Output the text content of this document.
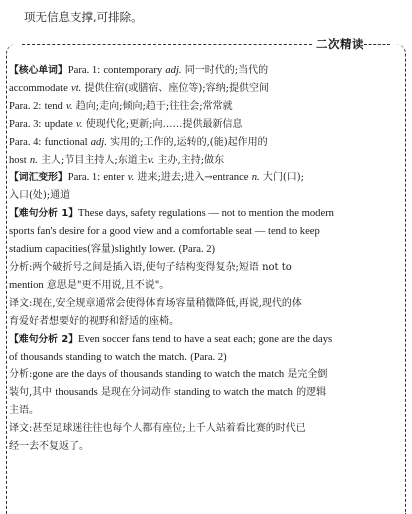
项无信息支撑,可排除。
二次精读
【核心单词】Para. 1: contemporary adj. 同一时代的;当代的
accommodate vt. 提供住宿(或膳宿、座位等);容纳;提供空间
Para. 2: tend v. 趋向;走向;倾向;趋于;往往会;常常就
Para. 3: update v. 使现代化;更新;向……提供最新信息
Para. 4: functional adj. 实用的;工作的,运转的,(能)起作用的
host n. 主人;节目主持人;东道主v. 主办,主持;做东
【词汇变形】Para. 1: enter v. 进来;进去;进入→entrance n. 大门(口);
入口(处);通道
【难句分析 1】These days, safety regulations — not to mention the modern
sports fan's desire for a good view and a comfortable seat — tend to keep
stadium capacities(容量)slightly lower. (Para. 2)
分析:两个破折号之间是插入语,使句子结构变得复杂;短语 not to
mention 意思是"更不用说,且不说"。
译文:现在,安全规章通常会使得体育场容量稍微降低,再说,现代的体
育爱好者想要好的视野和舒适的座椅。
【难句分析 2】Even soccer fans tend to have a seat each; gone are the days
of thousands standing to watch the match. (Para. 2)
分析:gone are the days of thousands standing to watch the match 是完全倒
装句,其中 thousands 是现在分词动作 standing to watch the match 的逻辑
主语。
译文:甚至足球迷往往也每个人都有座位;上千人站着看比赛的时代已
经一去不复返了。
